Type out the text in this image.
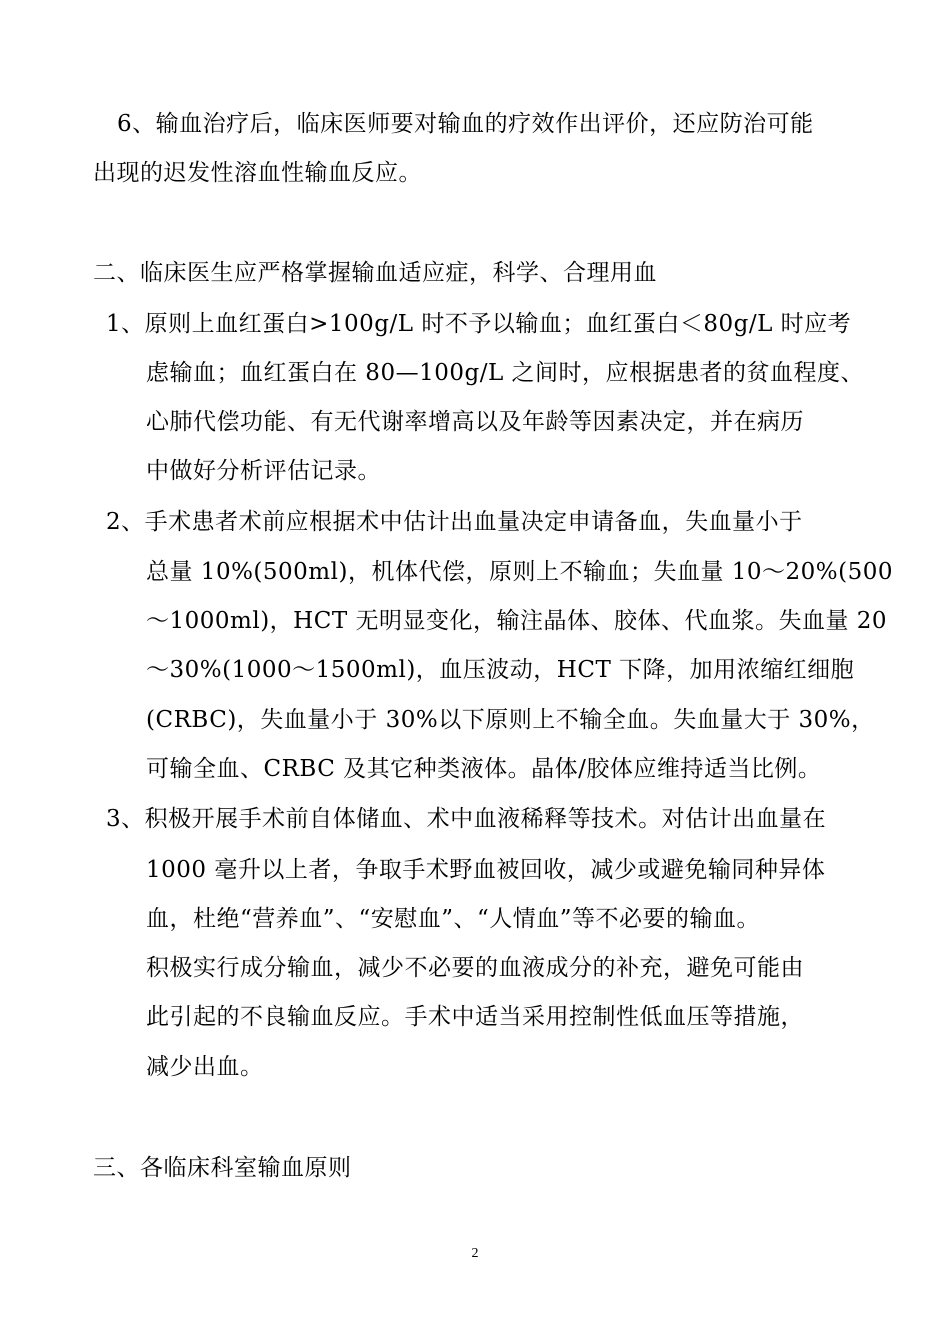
6、输血治疗后，临床医师要对输血的疗效作出评价，还应防治可能
出现的迟发性溶血性输血反应。
二、临床医生应严格掌握输血适应症，科学、合理用血
1、原则上血红蛋白>100g/L 时不予以输血；血红蛋白＜80g/L 时应考
虑输血；血红蛋白在 80—100g/L 之间时，应根据患者的贫血程度、
心肺代偿功能、有无代谢率增高以及年龄等因素决定，并在病历
中做好分析评估记录。
2、手术患者术前应根据术中估计出血量决定申请备血，失血量小于
总量 10%(500ml)，机体代偿，原则上不输血；失血量 10～20%(500
～1000ml)，HCT 无明显变化，输注晶体、胶体、代血浆。失血量 20
～30%(1000～1500ml)，血压波动，HCT 下降，加用浓缩红细胞
(CRBC)，失血量小于 30%以下原则上不输全血。失血量大于 30%，
可输全血、CRBC 及其它种类液体。晶体/胶体应维持适当比例。
3、积极开展手术前自体储血、术中血液稀释等技术。对估计出血量在
1000 毫升以上者，争取手术野血被回收，减少或避免输同种异体
血，杜绝“营养血”、“安慰血”、“人情血”等不必要的输血。
积极实行成分输血，减少不必要的血液成分的补充，避免可能由
此引起的不良输血反应。手术中适当采用控制性低血压等措施，
减少出血。
三、各临床科室输血原则
2
